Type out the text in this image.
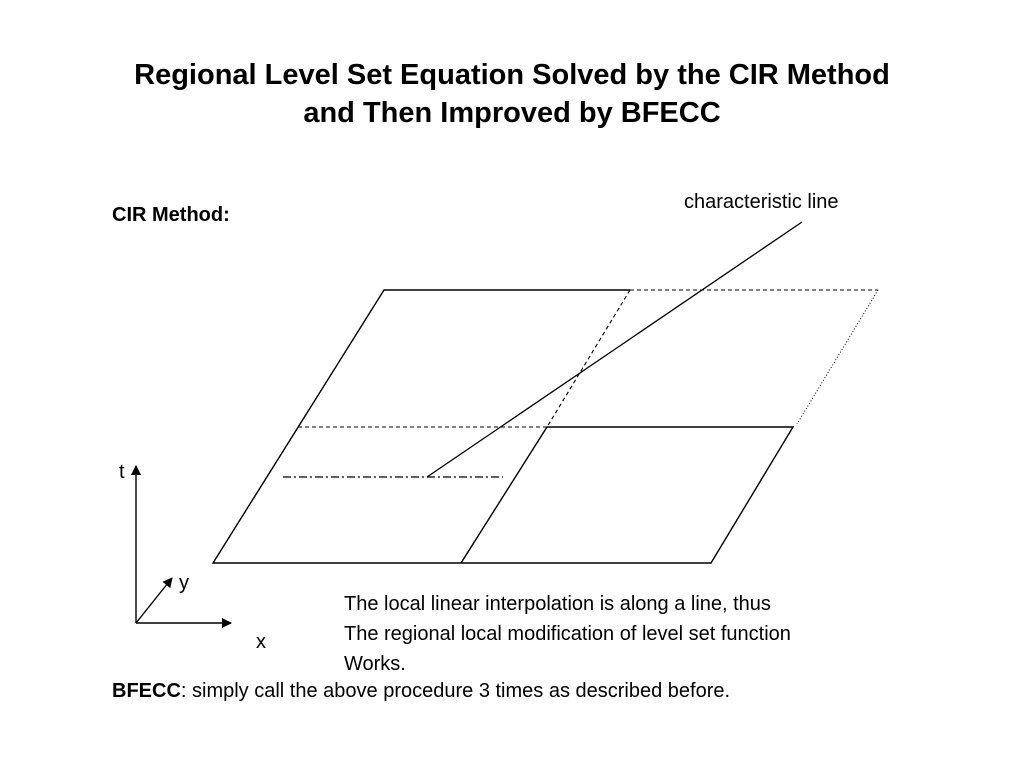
Regional Level Set Equation Solved by the CIR Method
and Then Improved by BFECC
CIR Method:
characteristic line
t
y
x
The local linear interpolation is along a line, thus
The regional local modification of level set function
Works.
BFECC: simply call the above procedure 3 times as described before.
